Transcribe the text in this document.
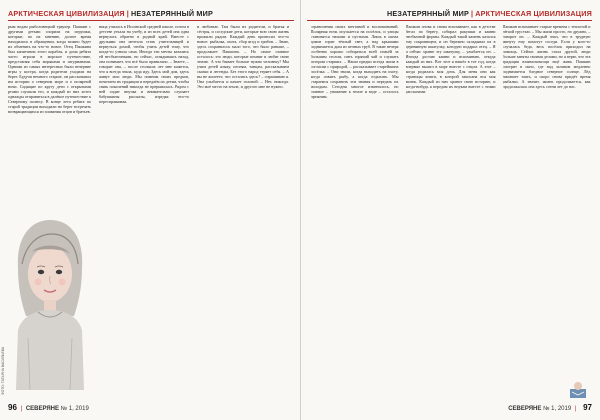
АРКТИЧЕСКАЯ ЦИВИЛИЗАЦИЯ | НЕЗАТЕРЯННЫЙ МИР

рым водам рыболовецкий траулер. Пашкин с другими детьми спорили на игрушки, которые, по их мнению, долгое время находились в обращении, когда можно будет их обменять на что-то новое. Отец Пашкина был капитаном этого корабля, и дома ребята часто играли в морское путешествие, представляя себя моряками и штурманами. Одними из самых интересных были вечерние игры у костра, когда родители уходили на берег. Будучи немного старше, он рассказывал им истории о северном море и о полярной ночи. Сидящие по кругу дети с открытыми ртами слушали его, и каждый из них хотел однажды отправиться в далёкое путешествие к Северному полюсу. В конце лета ребята по старой традиции выходили на берег встречать возвращающихся из плавания отцов и братьев.

ница училась в Иссинской средней школе, потом в детстве уехала на учебу, и из всех детей она одна вернулась обратно в родной край. Вместе с друзьями она мечтала стать учительницей и вернуться домой, чтобы учить детей тому, что когда-то узнала сама. Иногда эти мечты казались ей несбыточными, но сейчас, оглядываясь назад, она понимает, что всё было правильно. – Знаете, – говорит она, – после стольких лет мне кажется, что я всегда знала, куда иду. Здесь мой дом, здесь живут мои люди. Мы помним своих предков, почитаем их традиции и передаём их детям, чтобы связь поколений никогда не прерывалась. Рядом с ней сидит внучка и внимательно слушает бабушкины рассказы, изредка что-то переспрашивая.

и любовью. Там были их родители, и братья и сёстры, и соседские дети, которые всю свою жизнь прожили рядом. Каждый день приносил что-то новое: рыбалка, охота, сбор ягод и грибов. – Знаю, здесь сохранилось мало того, что было раньше, – продолжает Пашкина. – Но самое главное осталось: это люди, которые помнят и любят свою землю. А что бывает больше нужно человеку? Мы учим детей языку, песням, танцам, рассказываем сказки и легенды. Без этого народ теряет себя. – А вы не жалеете, что остались здесь? – спрашиваю я. Она улыбается и качает головой: – Нет, никогда. Это моё место на земле, и другого мне не нужно.

ФОТО: ТАТЬЯНА ВАСИЛЬЕВА
96 | СЕВЕРЯНЕ № 1, 2019
НЕЗАТЕРЯННЫЙ МИР | АРКТИЧЕСКАЯ ЦИВИЛИЗАЦИЯ

ограничения своих мечтаний и воспоминаний. Полярная ночь опускается на посёлок, и улицы становятся тихими и пустыми. Лишь в окнах домов горит тёплый свет, а над крышами поднимается дым из печных труб. В такие вечера особенно хорошо собираться всей семьёй за большим столом, пить горячий чай и слушать истории старших. – Наши предки всегда жили в согласии с природой, – рассказывает старейшина посёлка. – Они знали, когда выходить на охоту, когда ловить рыбу, а когда отдыхать. Мы стараемся сохранить эти знания и передать их молодым. Сегодня многое изменилось, но главное – уважение к земле и воде – осталось прежним.

Пашкин снова и снова вспоминает, как в детстве бегал по берегу, собирал ракушки и камни необычной формы. Каждый такой камень казался ему сокровищем, и он бережно складывал их в деревянную шкатулку, которую подарил отец. – Я и сейчас храню эту шкатулку, – улыбается он. – Иногда достаю камни и вспоминаю, откуда каждый из них. Вот этот я нашёл в тот год, когда впервые вышел в море вместе с отцом. А этот – когда родилась моя дочь. Для меня они как страницы книги, в которой записана вся моя жизнь. Каждый из них хранит свою историю, и когда-нибудь я передам их внукам вместе с этими рассказами.

Пашкин вспоминает старые времена с теплотой и лёгкой грустью. – Мы жили просто, но дружно, – говорит он. – Каждый знал, что в трудную минуту ему помогут соседи. Если у кого-то случалась беда, весь посёлок приходил на помощь. Сейчас жизнь стала другой, люди больше заняты своими делами, но я верю, что эта традиция взаимопомощи ещё жива. Пашкин смотрит в окно, где над заливом медленно поднимается бледное северное солнце. Лёд начинает таять, и скоро снова придёт время рыбалки. А значит, жизнь продолжается, как продолжалась она здесь сотни лет до нас.

СЕВЕРЯНЕ № 1, 2019 | 97
